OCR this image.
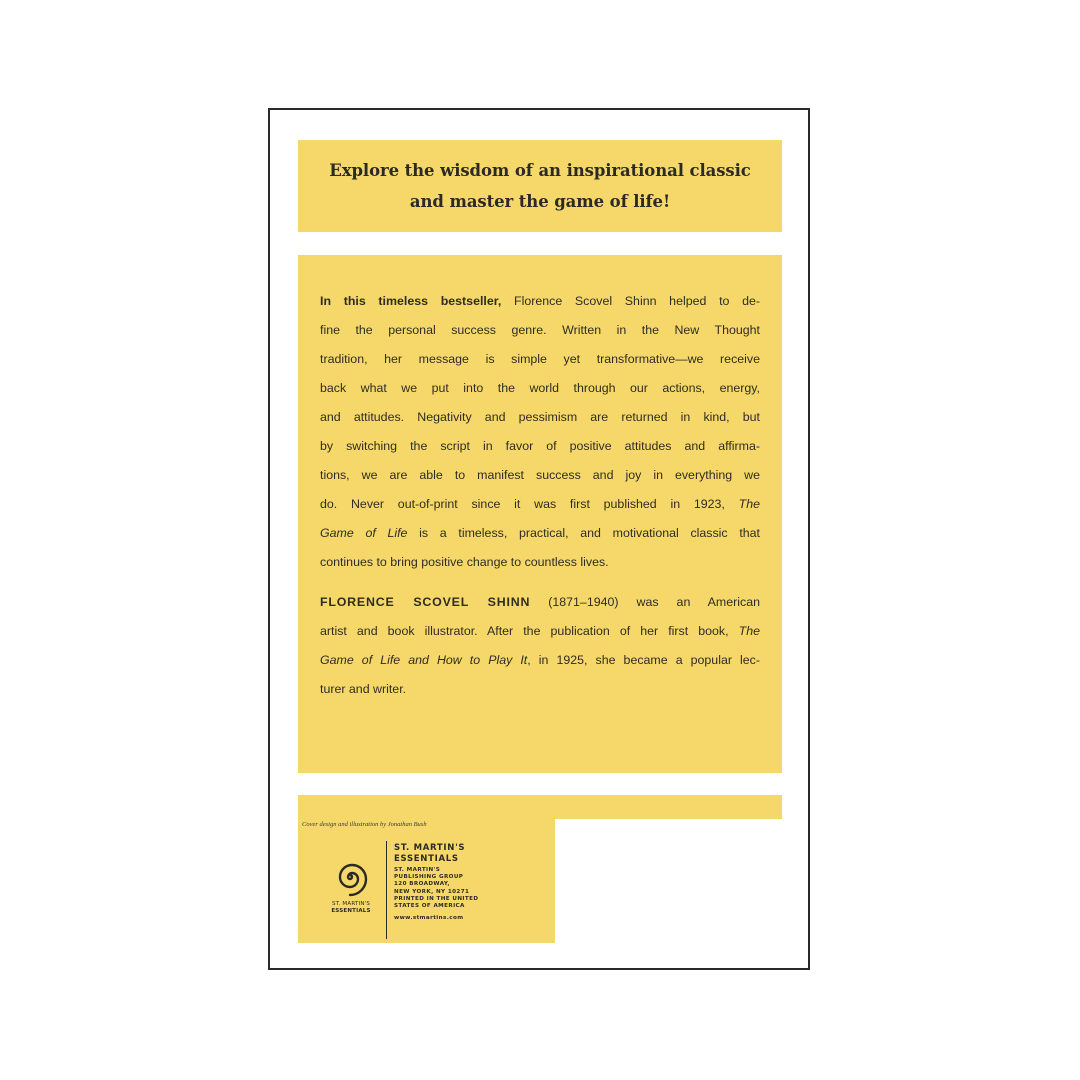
Explore the wisdom of an inspirational classic
and master the game of life!
In this timeless bestseller, Florence Scovel Shinn helped to de-
fine the personal success genre. Written in the New Thought
tradition, her message is simple yet transformative—we receive
back what we put into the world through our actions, energy,
and attitudes. Negativity and pessimism are returned in kind, but
by switching the script in favor of positive attitudes and affirma-
tions, we are able to manifest success and joy in everything we
do. Never out-of-print since it was first published in 1923, The
Game of Life is a timeless, practical, and motivational classic that
continues to bring positive change to countless lives.
FLORENCE SCOVEL SHINN (1871–1940) was an American
artist and book illustrator. After the publication of her first book, The
Game of Life and How to Play It, in 1925, she became a popular lec-
turer and writer.
Cover design and illustration by Jonathan Bush
ST. MARTIN'S
ESSENTIALS
ST. MARTIN'S
ESSENTIALS
ST. MARTIN'S
PUBLISHING GROUP
120 BROADWAY,
NEW YORK, NY 10271
PRINTED IN THE UNITED
STATES OF AMERICA
www.stmartins.com
